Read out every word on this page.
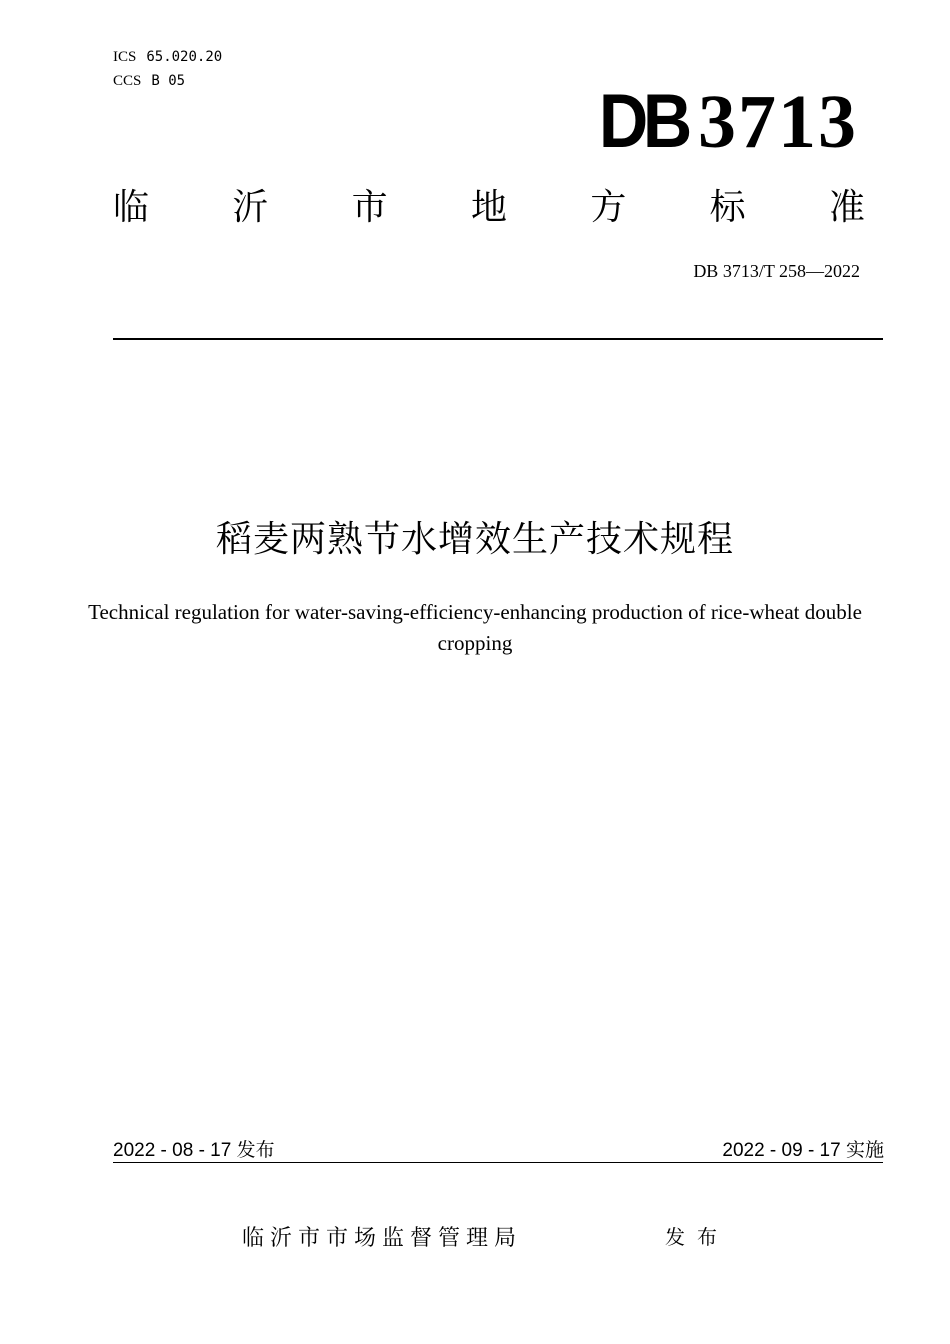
ICS 65.020.20
CCS B 05	DB 3713
临 沂 市 地 方 标 准
DB 3713/T 258—2022
稻麦两熟节水增效生产技术规程
Technical regulation for water-saving-efficiency-enhancing production of rice-wheat double cropping
2022 - 08 - 17 发布	2022 - 09 - 17 实施
临沂市市场监督管理局	发布
